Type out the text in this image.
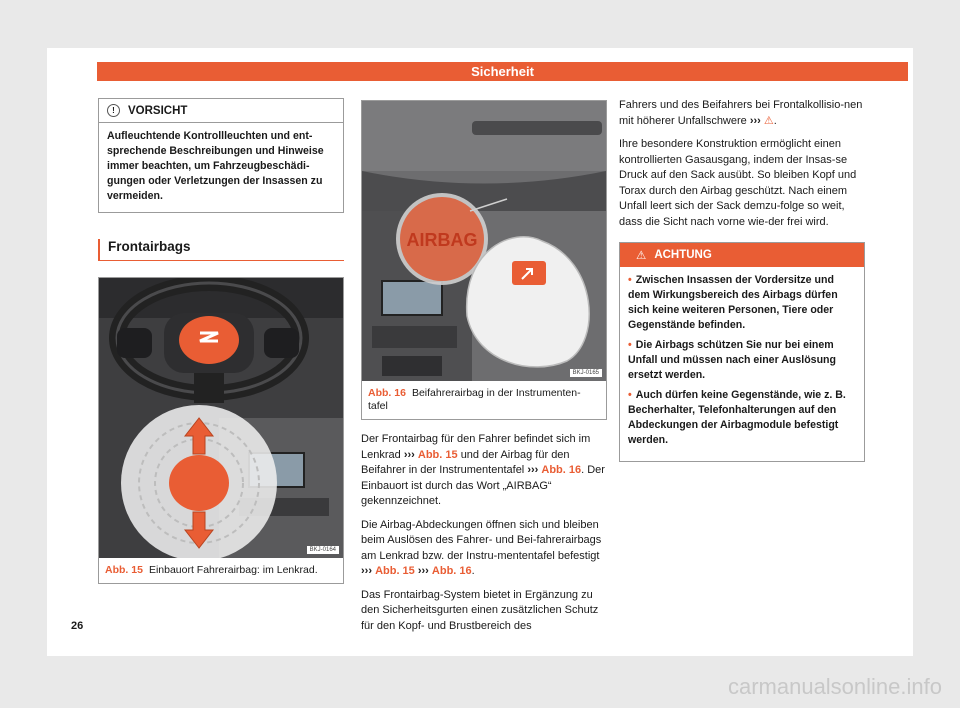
Sicherheit
!	VORSICHT
Aufleuchtende Kontrollleuchten und ent-sprechende Beschreibungen und Hinweise immer beachten, um Fahrzeugbeschädi-gungen oder Verletzungen der Insassen zu vermeiden.
Frontairbags
BKJ-0164
Abb. 15 Einbauort Fahrerairbag: im Lenkrad.
AIRBAG
BKJ-0165
Abb. 16 Beifahrerairbag in der Instrumenten-tafel

Der Frontairbag für den Fahrer befindet sich im Lenkrad ››› Abb. 15 und der Airbag für den Beifahrer in der Instrumententafel ››› Abb. 16. Der Einbauort ist durch das Wort „AIRBAG“ gekennzeichnet.

Die Airbag-Abdeckungen öffnen sich und bleiben beim Auslösen des Fahrer- und Bei-fahrerairbags am Lenkrad bzw. der Instru-mententafel befestigt ››› Abb. 15 ››› Abb. 16.

Das Frontairbag-System bietet in Ergänzung zu den Sicherheitsgurten einen zusätzlichen Schutz für den Kopf- und Brustbereich des

Fahrers und des Beifahrers bei Frontalkollisio-nen mit höherer Unfallschwere ››› ⚠.

Ihre besondere Konstruktion ermöglicht einen kontrollierten Gasausgang, indem der Insas-se Druck auf den Sack ausübt. So bleiben Kopf und Torax durch den Airbag geschützt. Nach einem Unfall leert sich der Sack demzu-folge so weit, dass die Sicht nach vorne wie-der frei wird.

⚠ ACHTUNG
• Zwischen Insassen der Vordersitze und dem Wirkungsbereich des Airbags dürfen sich keine weiteren Personen, Tiere oder Gegenstände befinden.
• Die Airbags schützen Sie nur bei einem Unfall und müssen nach einer Auslösung ersetzt werden.
• Auch dürfen keine Gegenstände, wie z. B. Becherhalter, Telefonhalterungen auf den Abdeckungen der Airbagmodule befestigt werden.
26
carmanualsonline.info
